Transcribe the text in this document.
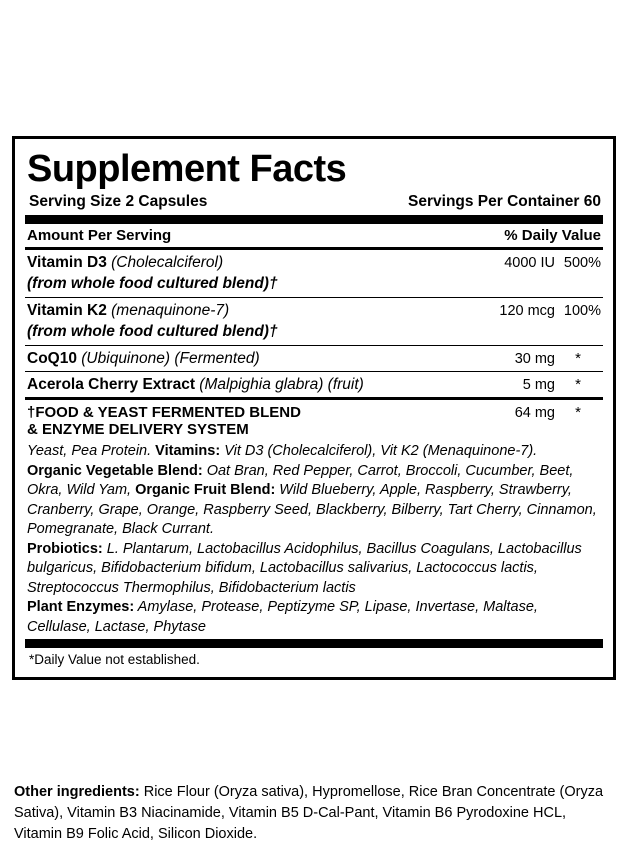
Supplement Facts
Serving Size 2 Capsules	Servings Per Container 60
Amount Per Serving	% Daily Value
Vitamin D3 (Cholecalciferol)	4000 IU 500%
(from whole food cultured blend)†
Vitamin K2 (menaquinone-7)	120 mcg 100%
(from whole food cultured blend)†
CoQ10 (Ubiquinone) (Fermented)	30 mg	*
Acerola Cherry Extract (Malpighia glabra) (fruit)	5 mg	*
†FOOD & YEAST FERMENTED BLEND	64 mg	*
& ENZYME DELIVERY SYSTEM

Yeast, Pea Protein. Vitamins: Vit D3 (Cholecalciferol), Vit K2 (Menaquinone-7).

Organic Vegetable Blend: Oat Bran, Red Pepper, Carrot, Broccoli, Cucumber, Beet, Okra, Wild Yam, Organic Fruit Blend: Wild Blueberry, Apple, Raspberry, Strawberry, Cranberry, Grape, Orange, Raspberry Seed, Blackberry, Bilberry, Tart Cherry, Cinnamon, Pomegranate, Black Currant.

Probiotics: L. Plantarum, Lactobacillus Acidophilus, Bacillus Coagulans, Lactobacillus bulgaricus, Bifidobacterium bifidum, Lactobacillus salivarius, Lactococcus lactis, Streptococcus Thermophilus, Bifidobacterium lactis

Plant Enzymes: Amylase, Protease, Peptizyme SP, Lipase, Invertase, Maltase, Cellulase, Lactase, Phytase

*Daily Value not established.
Other ingredients: Rice Flour (Oryza sativa), Hypromellose, Rice Bran Concentrate (Oryza Sativa), Vitamin B3 Niacinamide, Vitamin B5 D-Cal-Pant, Vitamin B6 Pyrodoxine HCL, Vitamin B9 Folic Acid, Silicon Dioxide.
